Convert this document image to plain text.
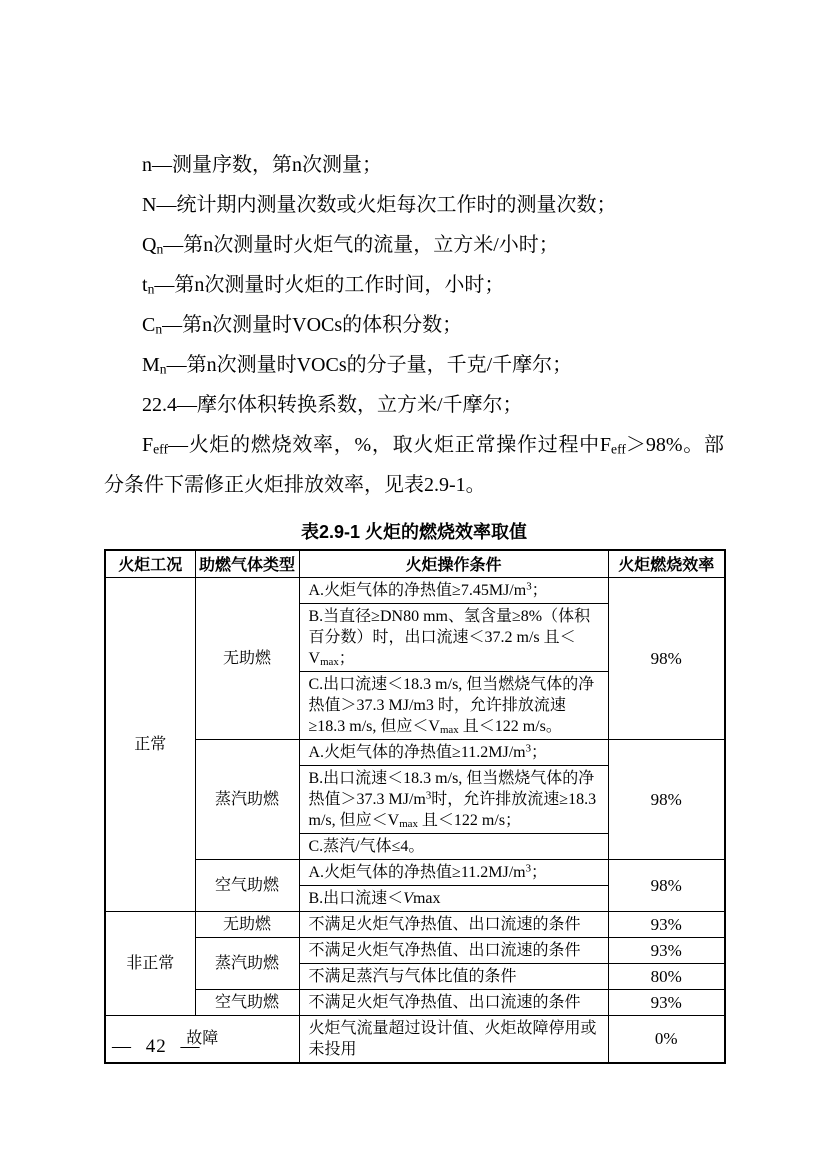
n—测量序数，第n次测量；

N—统计期内测量次数或火炬每次工作时的测量次数；

$Q_n—$第n次测量时火炬气的流量，立方米/小时；

$t_n—$第n次测量时火炬的工作时间，小时；

$C_n—$第n次测量时VOCs的体积分数；

$M_n—$第n次测量时VOCs的分子量，千克/千摩尔；

22.4—摩尔体积转换系数，立方米/千摩尔；

$F_{eff}—$火炬的燃烧效率，%，取火炬正常操作过程中$F_{eff}>98\%$。部分条件下需修正火炬排放效率，见表2.9-1。

表2.9-1 火炬的燃烧效率取值
火炬工况	助燃气体类型	火炬操作条件	火炬燃烧效率
正常	无助燃	A.火炬气体的净热值$\ge 7.45MJ/m^3$；	98%
		B.当直径≥DN80 mm、氢含量≥8%（体积百分数）时，出口流速＜37.2 m/s 且$<V_{max}$；	
		C.出口流速＜18.3 m/s, 但当燃烧气体的净热值＞37.3 MJ/m3 时，允许排放流速≥18.3 m/s, 但应$<V_{max}$ 且＜122 m/s。	
	蒸汽助燃	A.火炬气体的净热值$\ge 11.2MJ/m^3$；	98%
		B.出口流速＜18.3 m/s, 但当燃烧气体的净热值＞37.3 $MJ/m^3$时，允许排放流速≥18.3 m/s, 但应$<V_{max}$ 且＜122 m/s；	
		C.蒸汽/气体≤4。	
	空气助燃	A.火炬气体的净热值$\ge 11.2MJ/m^3$；	98%
		B.出口流速＜Vmax	
非正常	无助燃	不满足火炬气净热值、出口流速的条件	93%
	蒸汽助燃	不满足火炬气净热值、出口流速的条件	93%
		不满足蒸汽与气体比值的条件	80%
	空气助燃	不满足火炬气净热值、出口流速的条件	93%
故障		火炬气流量超过设计值、火炬故障停用或未投用	0%
— 42 —
